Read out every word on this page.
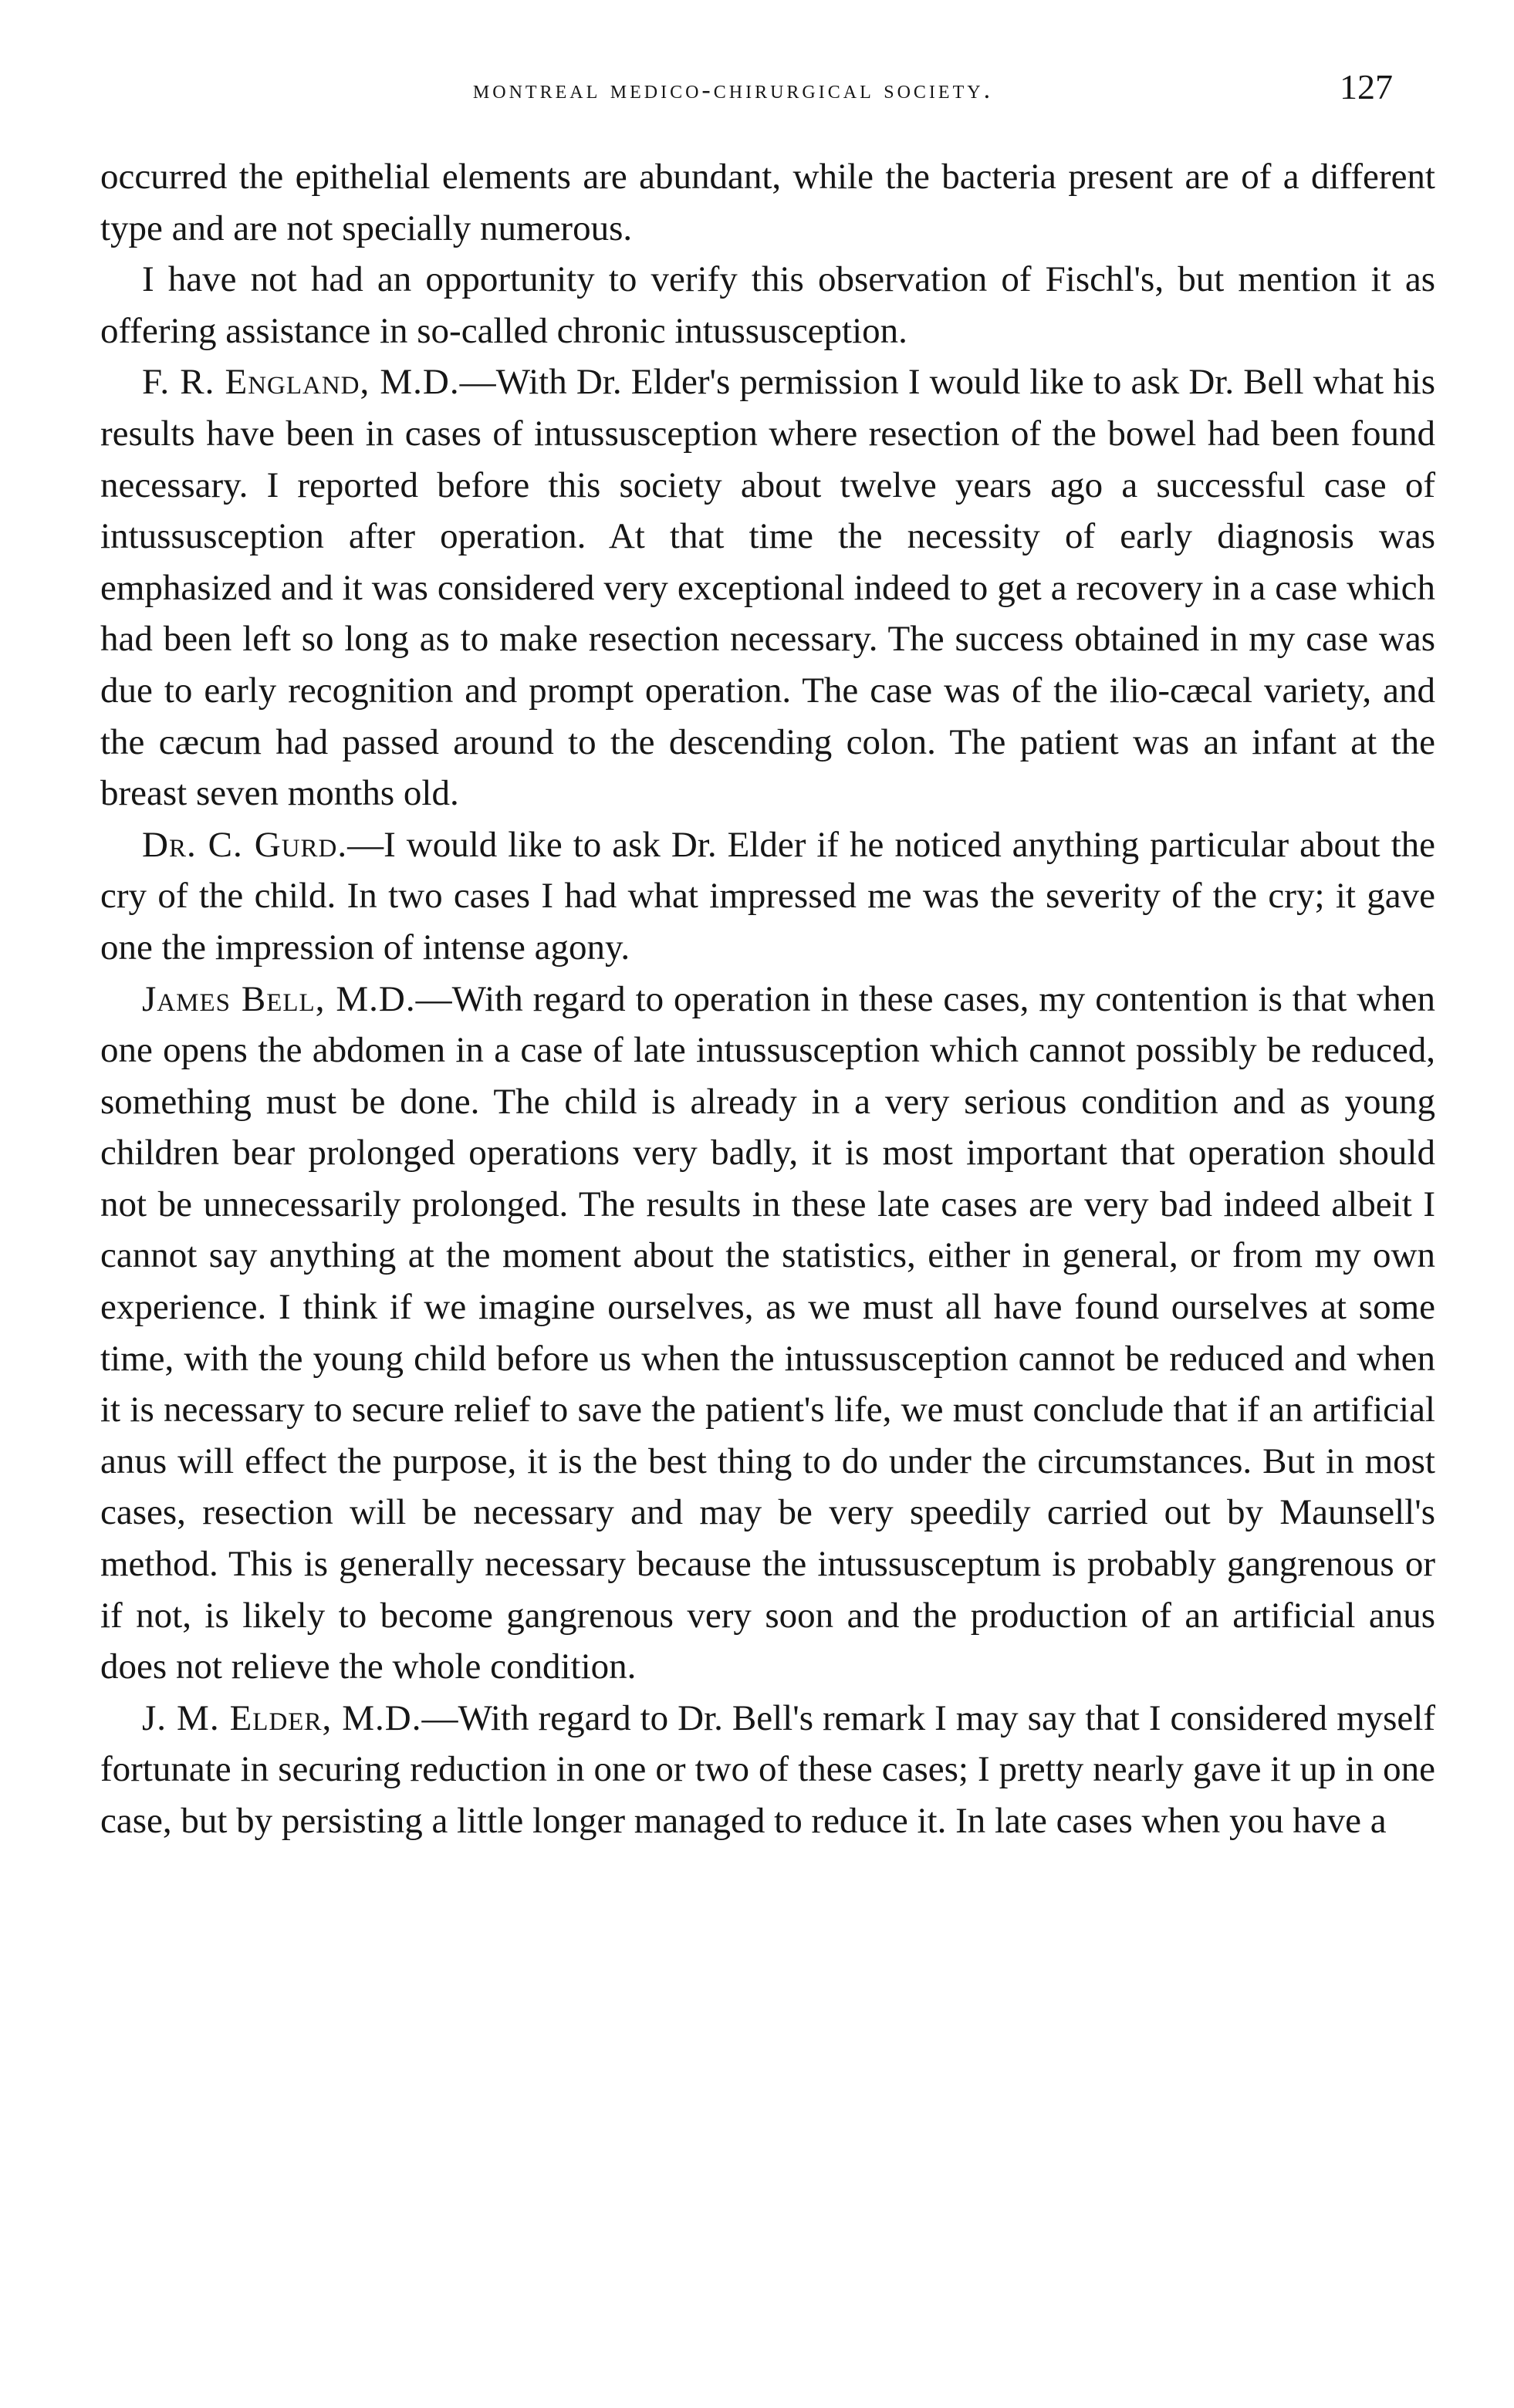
montreal medico-chirurgical society.	127

occurred the epithelial elements are abundant, while the bacteria present are of a different type and are not specially numerous.

I have not had an opportunity to verify this observation of Fischl's, but mention it as offering assistance in so-called chronic intussusception.

F. R. England, M.D.—With Dr. Elder's permission I would like to ask Dr. Bell what his results have been in cases of intussusception where resection of the bowel had been found necessary. I reported before this society about twelve years ago a successful case of intussusception after operation. At that time the necessity of early diagnosis was emphasized and it was considered very exceptional indeed to get a recovery in a case which had been left so long as to make resection necessary. The success obtained in my case was due to early recognition and prompt operation. The case was of the ilio-cæcal variety, and the cæcum had passed around to the descending colon. The patient was an infant at the breast seven months old.

Dr. C. Gurd.—I would like to ask Dr. Elder if he noticed anything particular about the cry of the child. In two cases I had what impressed me was the severity of the cry; it gave one the impression of intense agony.

James Bell, M.D.—With regard to operation in these cases, my contention is that when one opens the abdomen in a case of late intussusception which cannot possibly be reduced, something must be done. The child is already in a very serious condition and as young children bear prolonged operations very badly, it is most important that operation should not be unnecessarily prolonged. The results in these late cases are very bad indeed albeit I cannot say anything at the moment about the statistics, either in general, or from my own experience. I think if we imagine ourselves, as we must all have found ourselves at some time, with the young child before us when the intussusception cannot be reduced and when it is necessary to secure relief to save the patient's life, we must conclude that if an artificial anus will effect the purpose, it is the best thing to do under the circumstances. But in most cases, resection will be necessary and may be very speedily carried out by Maunsell's method. This is generally necessary because the intussusceptum is probably gangrenous or if not, is likely to become gangrenous very soon and the production of an artificial anus does not relieve the whole condition.

J. M. Elder, M.D.—With regard to Dr. Bell's remark I may say that I considered myself fortunate in securing reduction in one or two of these cases; I pretty nearly gave it up in one case, but by persisting a little longer managed to reduce it. In late cases when you have a
